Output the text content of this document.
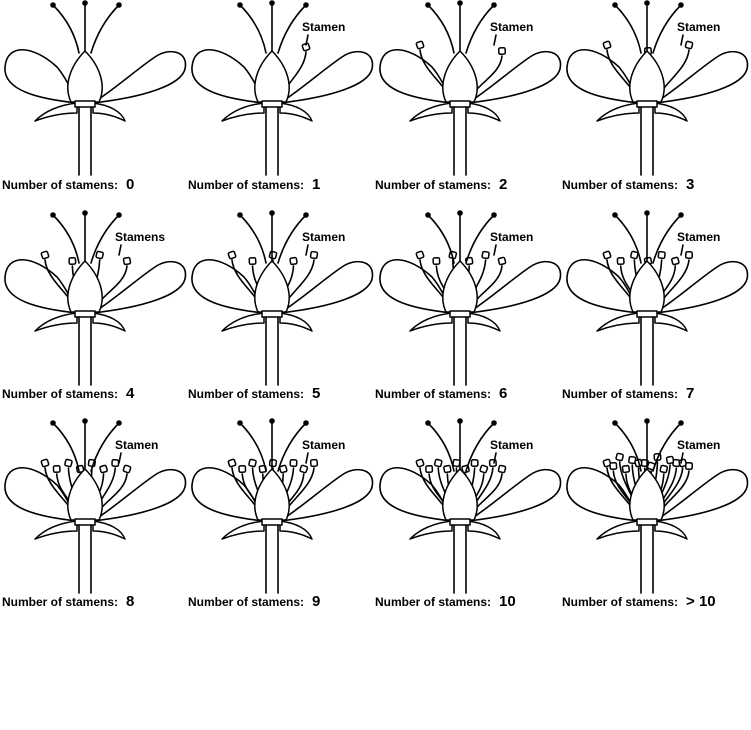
Number of stamens: 0
Stamen
Number of stamens: 1
Stamen
Number of stamens: 2
Stamen
Number of stamens: 3
Stamens
Number of stamens: 4
Stamen
Number of stamens: 5
Stamen
Number of stamens: 6
Stamen
Number of stamens: 7
Stamen
Number of stamens: 8
Stamen
Number of stamens: 9
Stamen
Number of stamens: 10
Stamen
Number of stamens: > 10
